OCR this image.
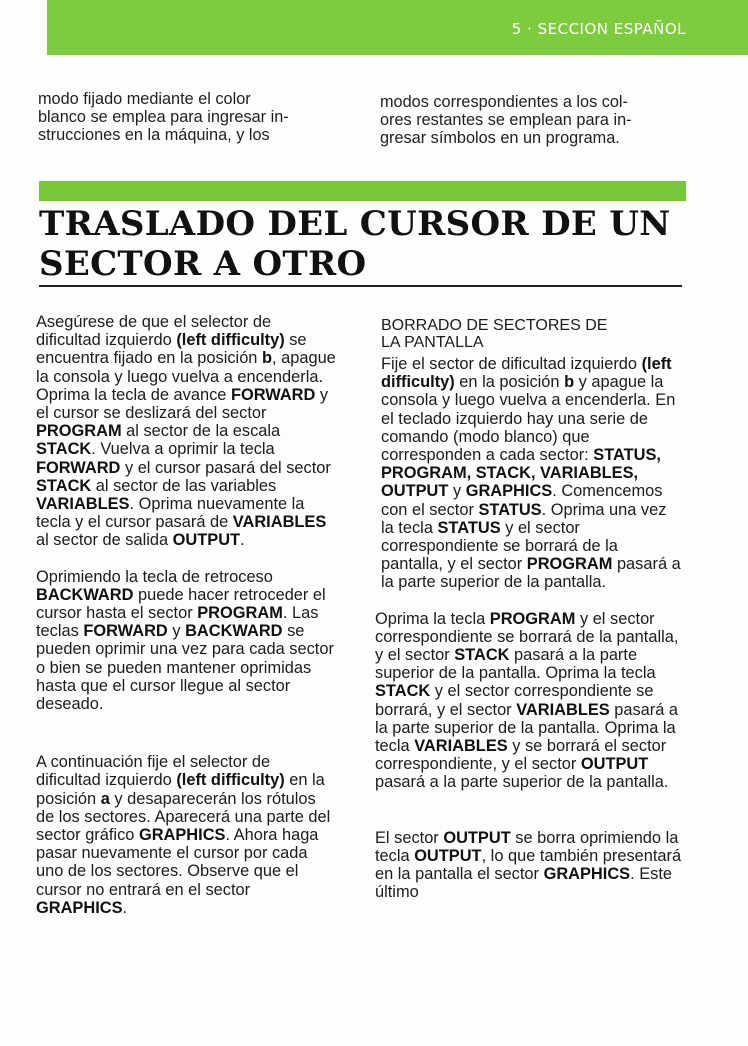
5 · SECCION ESPAÑOL
modo fijado mediante el color
blanco se emplea para ingresar in-
strucciones en la máquina, y los
modos correspondientes a los col-
ores restantes se emplean para in-
gresar símbolos en un programa.
TRASLADO DEL CURSOR DE UN
SECTOR A OTRO

Asegúrese de que el selector de dificultad izquierdo (left difficulty) se encuentra fijado en la posición b, apague la consola y luego vuelva a encenderla. Oprima la tecla de avance FORWARD y el cursor se deslizará del sector PROGRAM al sector de la escala STACK. Vuelva a oprimir la tecla FORWARD y el cursor pasará del sector STACK al sector de las variables VARIABLES. Oprima nuevamente la tecla y el cursor pasará de VARIABLES al sector de salida OUTPUT.

Oprimiendo la tecla de retroceso BACKWARD puede hacer retroceder el cursor hasta el sector PROGRAM. Las teclas FORWARD y BACKWARD se pueden oprimir una vez para cada sector o bien se pueden mantener oprimidas hasta que el cursor llegue al sector deseado.

A continuación fije el selector de dificultad izquierdo (left difficulty) en la posición a y desaparecerán los rótulos de los sectores. Aparecerá una parte del sector gráfico GRAPHICS. Ahora haga pasar nuevamente el cursor por cada uno de los sectores. Observe que el cursor no entrará en el sector GRAPHICS.

BORRADO DE SECTORES DE
LA PANTALLA

Fije el sector de dificultad izquierdo (left difficulty) en la posición b y apague la consola y luego vuelva a encenderla. En el teclado izquierdo hay una serie de comando (modo blanco) que corresponden a cada sector: STATUS, PROGRAM, STACK, VARIABLES, OUTPUT y GRAPHICS. Comencemos con el sector STATUS. Oprima una vez la tecla STATUS y el sector correspondiente se borrará de la pantalla, y el sector PROGRAM pasará a la parte superior de la pantalla.

Oprima la tecla PROGRAM y el sector correspondiente se borrará de la pantalla, y el sector STACK pasará a la parte superior de la pantalla. Oprima la tecla STACK y el sector correspondiente se borrará, y el sector VARIABLES pasará a la parte superior de la pantalla. Oprima la tecla VARIABLES y se borrará el sector correspondiente, y el sector OUTPUT pasará a la parte superior de la pantalla.

El sector OUTPUT se borra oprimiendo la tecla OUTPUT, lo que también presentará en la pantalla el sector GRAPHICS. Este último
